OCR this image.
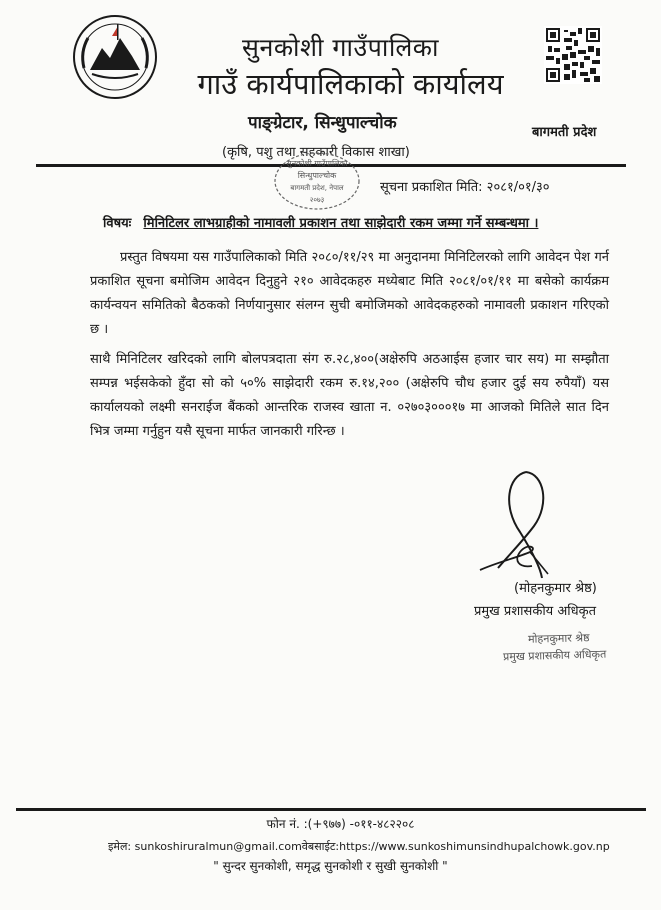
सुनकोशी गाउँपालिका
गाउँ कार्यपालिकाको कार्यालय
पाङ्ग्रेटार, सिन्धुपाल्चोक
(कृषि, पशु तथा सहकारी विकास शाखा)
बागमती प्रदेश
सुनकोशी गाउँपालिका
सिन्धुपाल्चोक
बागमती प्रदेश, नेपाल
२०७३
सूचना प्रकाशित मिति: २०८१/०१/३०
विषयः मिनिटिलर लाभग्राहीको नामावली प्रकाशन तथा साझेदारी रकम जम्मा गर्ने सम्बन्धमा ।
प्रस्तुत विषयमा यस गाउँपालिकाको मिति २०८०/११/२९ मा अनुदानमा मिनिटिलरको लागि आवेदन पेश गर्न प्रकाशित सूचना बमोजिम आवेदन दिनुहुने २१० आवेदकहरु मध्येबाट मिति २०८१/०१/११ मा बसेको कार्यक्रम कार्यन्वयन समितिको बैठकको निर्णयानुसार संलग्न सुची बमोजिमको आवेदकहरुको नामावली प्रकाशन गरिएको छ ।
साथै मिनिटिलर खरिदको लागि बोलपत्रदाता संग रु.२८,४००(अक्षेरुपि अठआईस हजार चार सय) मा सम्झौता सम्पन्न भईसकेको हुँदा सो को ५०% साझेदारी रकम रु.१४,२०० (अक्षेरुपि चौध हजार दुई सय रुपैयाँ) यस कार्यालयको लक्ष्मी सनराईज बैंकको आन्तरिक राजस्व खाता न. ०२७०३०००१७ मा आजको मितिले सात दिन भित्र जम्मा गर्नुहुन यसै सूचना मार्फत जानकारी गरिन्छ ।
(मोहनकुमार श्रेष्ठ)
प्रमुख प्रशासकीय अधिकृत
मोहनकुमार श्रेष्ठ
प्रमुख प्रशासकीय अधिकृत
फोन नं. :(+९७७) -०११-४८२२०८
इमेल: sunkoshiruralmun@gmail.comवेबसाईट:https://www.sunkoshimunsindhupalchowk.gov.np
" सुन्दर सुनकोशी, समृद्ध सुनकोशी र सुखी सुनकोशी "
